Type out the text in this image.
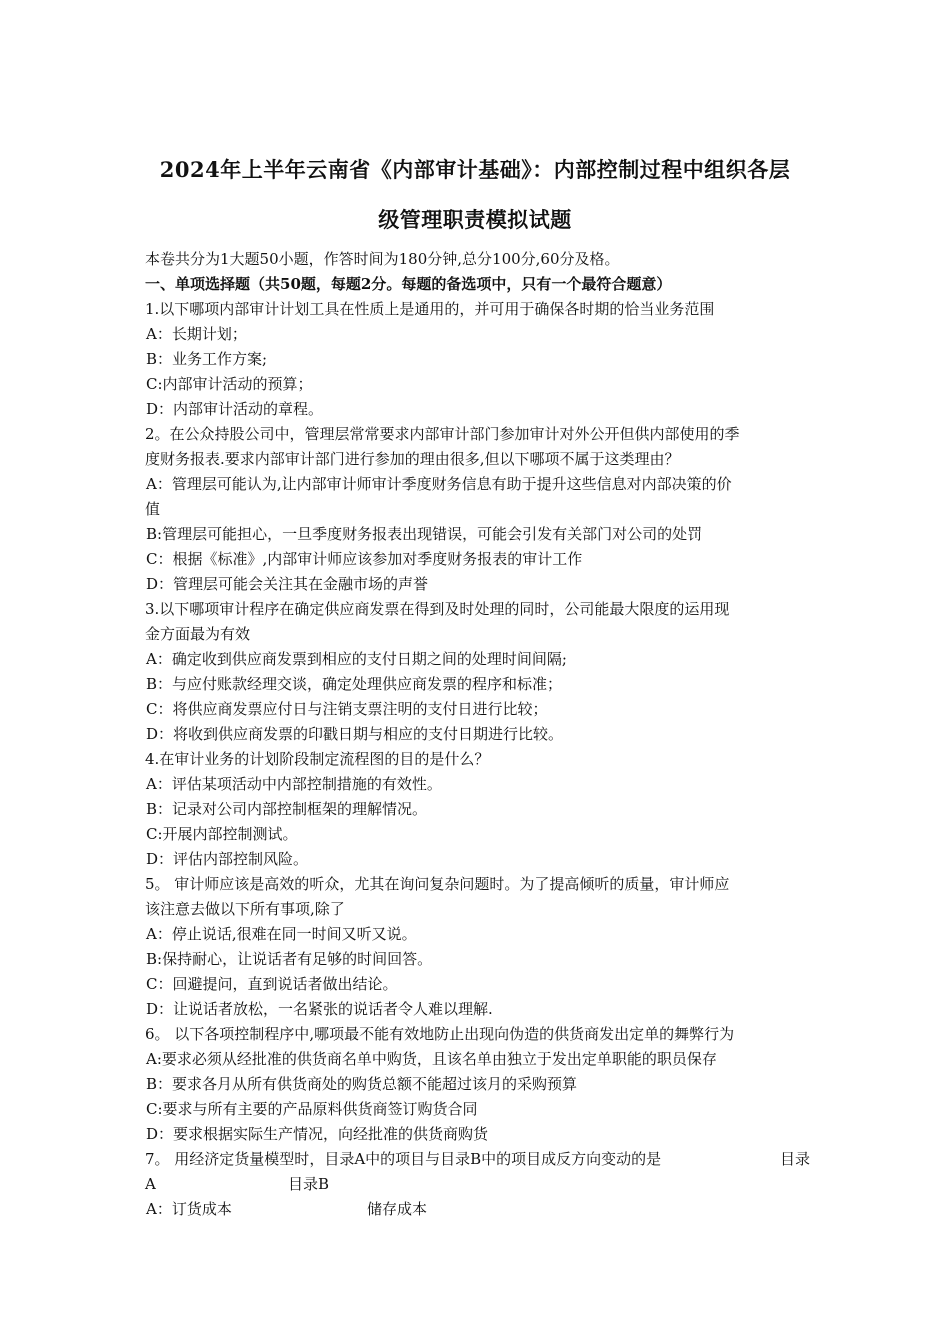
2024年上半年云南省《内部审计基础》：内部控制过程中组织各层
级管理职责模拟试题

本卷共分为1大题50小题，作答时间为180分钟,总分100分,60分及格。

一、单项选择题（共50题，每题2分。每题的备选项中，只有一个最符合题意）

1.以下哪项内部审计计划工具在性质上是通用的，并可用于确保各时期的恰当业务范围

A：长期计划；

B：业务工作方案;

C:内部审计活动的预算；

D：内部审计活动的章程。

2。在公众持股公司中，管理层常常要求内部审计部门参加审计对外公开但供内部使用的季

度财务报表.要求内部审计部门进行参加的理由很多,但以下哪项不属于这类理由？

A：管理层可能认为,让内部审计师审计季度财务信息有助于提升这些信息对内部决策的价

值

B:管理层可能担心，一旦季度财务报表出现错误，可能会引发有关部门对公司的处罚

C：根据《标准》,内部审计师应该参加对季度财务报表的审计工作

D：管理层可能会关注其在金融市场的声誉

3.以下哪项审计程序在确定供应商发票在得到及时处理的同时，公司能最大限度的运用现

金方面最为有效

A：确定收到供应商发票到相应的支付日期之间的处理时间间隔;

B：与应付账款经理交谈，确定处理供应商发票的程序和标准；

C：将供应商发票应付日与注销支票注明的支付日进行比较；

D：将收到供应商发票的印戳日期与相应的支付日期进行比较。

4.在审计业务的计划阶段制定流程图的目的是什么？

A：评估某项活动中内部控制措施的有效性。

B：记录对公司内部控制框架的理解情况。

C:开展内部控制测试。

D：评估内部控制风险。

5。 审计师应该是高效的听众，尤其在询问复杂问题时。为了提高倾听的质量，审计师应

该注意去做以下所有事项,除了

A：停止说话,很难在同一时间又听又说。

B:保持耐心，让说话者有足够的时间回答。

C：回避提问，直到说话者做出结论。

D：让说话者放松，一名紧张的说话者令人难以理解.

6。 以下各项控制程序中,哪项最不能有效地防止出现向伪造的供货商发出定单的舞弊行为

A:要求必须从经批准的供货商名单中购货，且该名单由独立于发出定单职能的职员保存

B：要求各月从所有供货商处的购货总额不能超过该月的采购预算

C:要求与所有主要的产品原料供货商签订购货合同

D：要求根据实际生产情况，向经批准的供货商购货

7。 用经济定货量模型时，目录A中的项目与目录B中的项目成反方向变动的是	目录
A	目录B
A：订货成本	储存成本
